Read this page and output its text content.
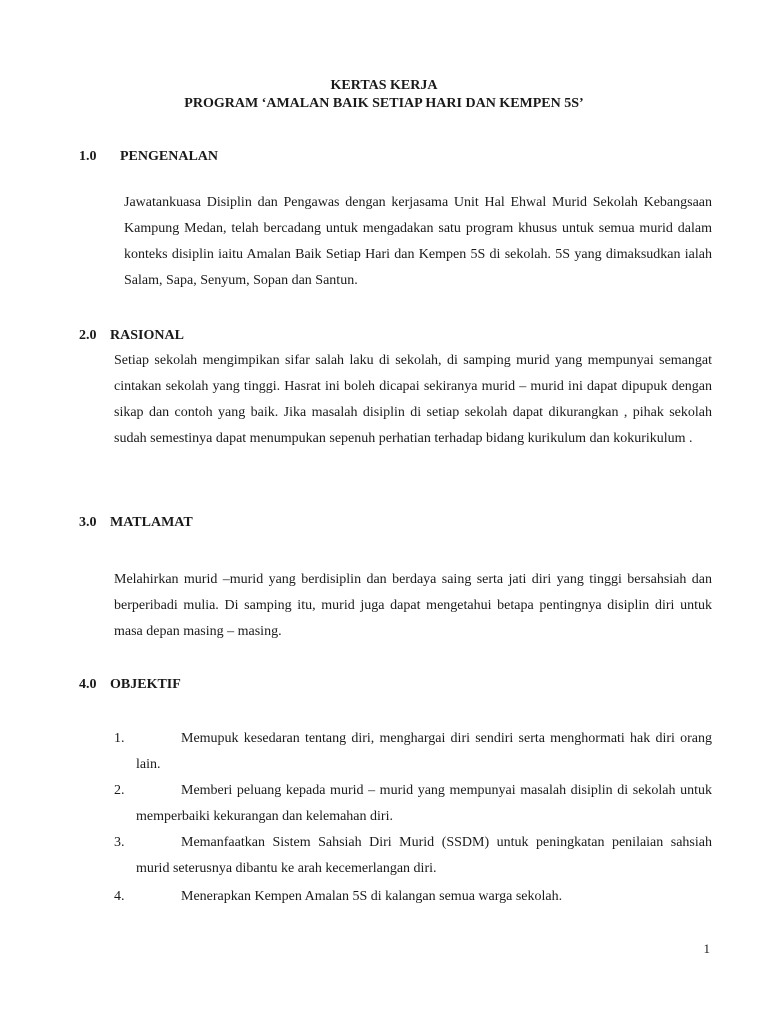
KERTAS KERJA
PROGRAM ‘AMALAN BAIK SETIAP HARI DAN KEMPEN 5S’
1.0 PENGENALAN
Jawatankuasa Disiplin dan Pengawas dengan kerjasama Unit Hal Ehwal Murid Sekolah Kebangsaan Kampung Medan, telah bercadang untuk mengadakan satu program khusus untuk semua murid dalam konteks disiplin iaitu Amalan Baik Setiap Hari dan Kempen 5S di sekolah. 5S yang dimaksudkan ialah Salam, Sapa, Senyum, Sopan dan Santun.
2.0 RASIONAL
Setiap sekolah mengimpikan sifar salah laku di sekolah, di samping murid yang mempunyai semangat cintakan sekolah yang tinggi. Hasrat ini boleh dicapai sekiranya murid – murid ini dapat dipupuk dengan sikap dan contoh yang baik. Jika masalah disiplin di setiap sekolah dapat dikurangkan , pihak sekolah sudah semestinya dapat menumpukan sepenuh perhatian terhadap bidang kurikulum dan kokurikulum .
3.0 MATLAMAT
Melahirkan murid –murid yang berdisiplin dan berdaya saing serta jati diri yang tinggi bersahsiah dan berperibadi mulia. Di samping itu, murid juga dapat mengetahui betapa pentingnya disiplin diri untuk masa depan masing – masing.
4.0 OBJEKTIF
1.	Memupuk kesedaran tentang diri, menghargai diri sendiri serta menghormati hak diri orang lain.
2.	Memberi peluang kepada murid – murid yang mempunyai masalah disiplin di sekolah untuk memperbaiki kekurangan dan kelemahan diri.
3.	Memanfaatkan Sistem Sahsiah Diri Murid (SSDM) untuk peningkatan penilaian sahsiah murid seterusnya dibantu ke arah kecemerlangan diri.
4.	Menerapkan Kempen Amalan 5S di kalangan semua warga sekolah.
1
